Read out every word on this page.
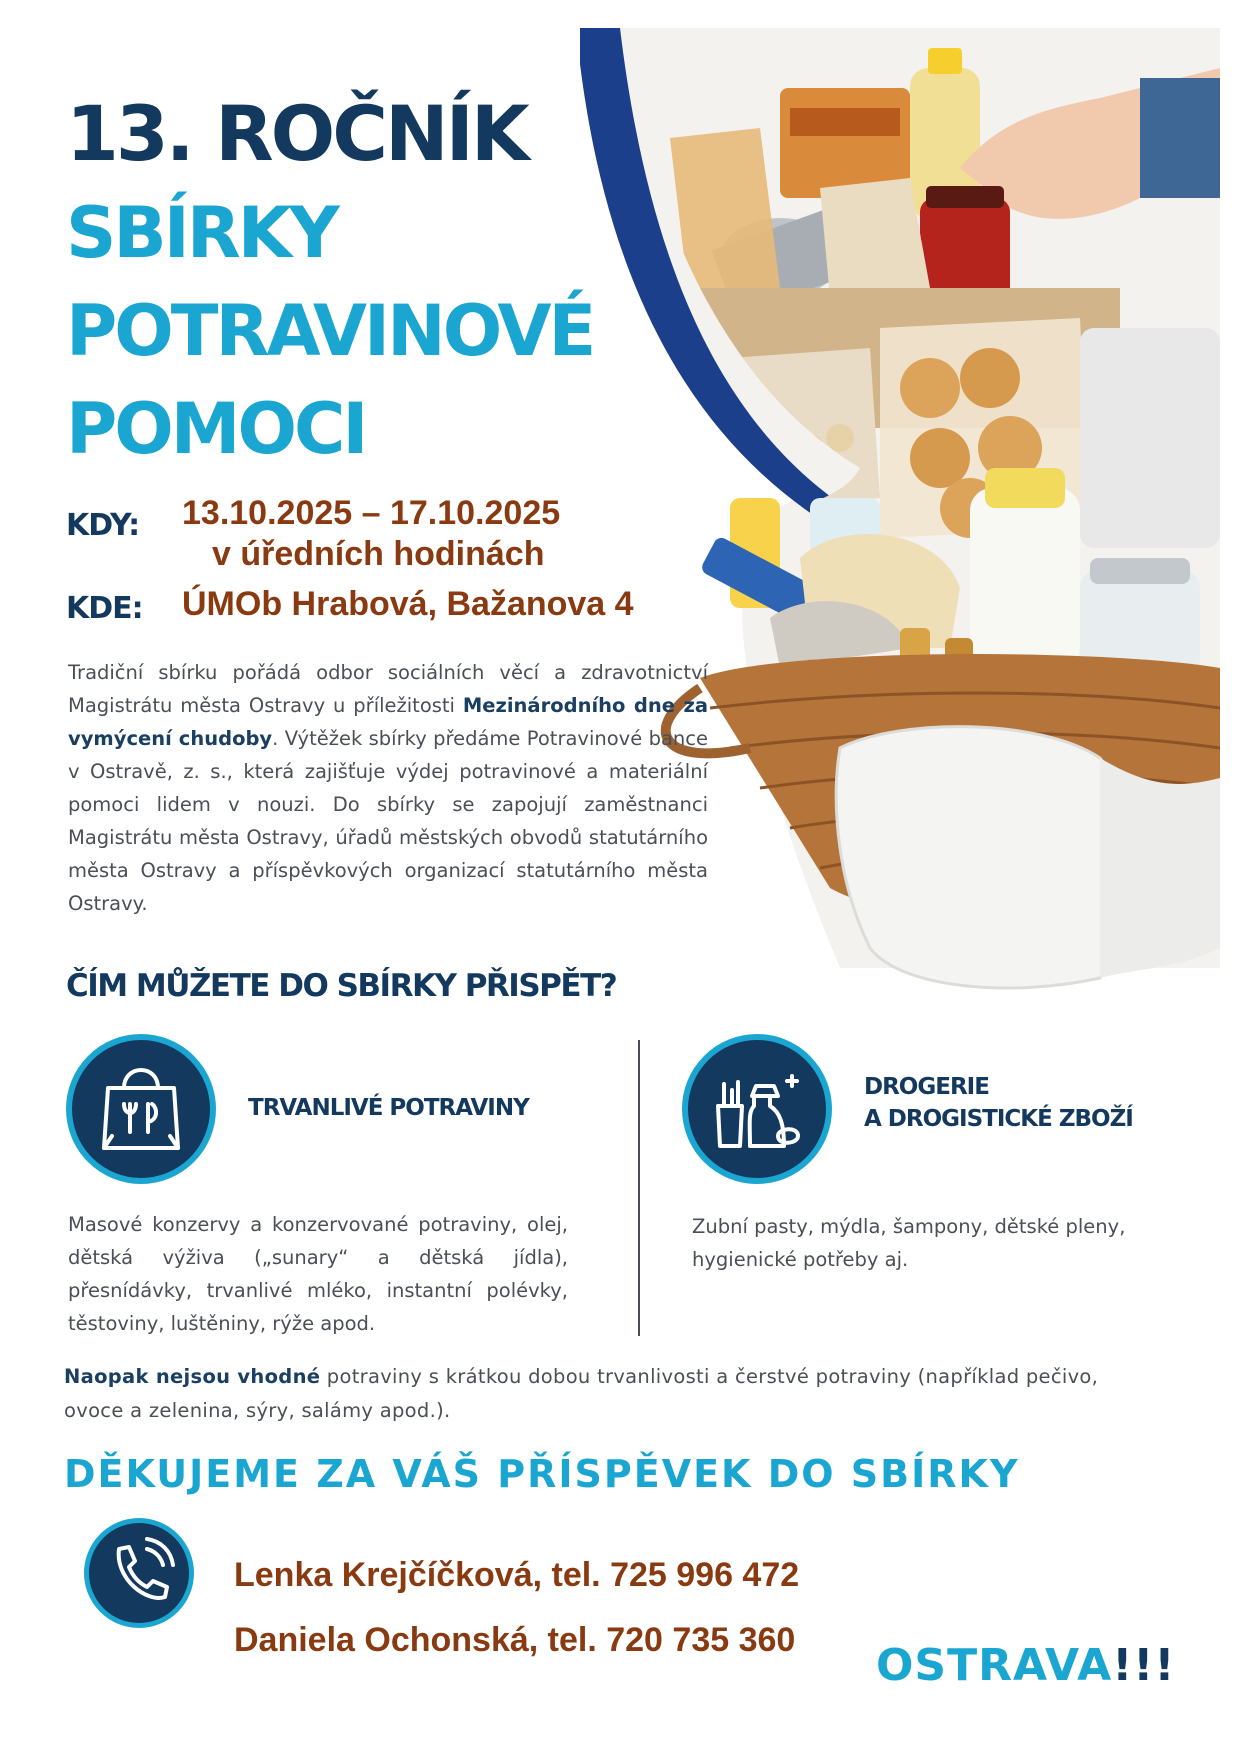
13. ROČNÍK
SBÍRKY
POTRAVINOVÉ
POMOCI
KDY: 13.10.2025 – 17.10.2025
v úředních hodinách
KDE: ÚMOb Hrabová, Bažanova 4

Tradiční sbírku pořádá odbor sociálních věcí a zdravotnictví Magistrátu města Ostravy u příležitosti Mezinárodního dne za vymýcení chudoby. Výtěžek sbírky předáme Potravinové bance v Ostravě, z. s., která zajišťuje výdej potravinové a materiální pomoci lidem v nouzi. Do sbírky se zapojují zaměstnanci Magistrátu města Ostravy, úřadů městských obvodů statutárního města Ostravy a příspěvkových organizací statutárního města Ostravy.

ČÍM MŮŽETE DO SBÍRKY PŘISPĚT?
TRVANLIVÉ POTRAVINY
DROGERIE
A DROGISTICKÉ ZBOŽÍ

Masové konzervy a konzervované potraviny, olej, dětská výživa („sunary“ a dětská jídla), přesnídávky, trvanlivé mléko, instantní polévky, těstoviny, luštěniny, rýže apod.

Zubní pasty, mýdla, šampony, dětské pleny, hygienické potřeby aj.

Naopak nejsou vhodné potraviny s krátkou dobou trvanlivosti a čerstvé potraviny (například pečivo, ovoce a zelenina, sýry, salámy apod.).

DĚKUJEME ZA VÁŠ PŘÍSPĚVEK DO SBÍRKY
Lenka Krejčíčková, tel. 725 996 472
Daniela Ochonská, tel. 720 735 360 OSTRAVA!!!
